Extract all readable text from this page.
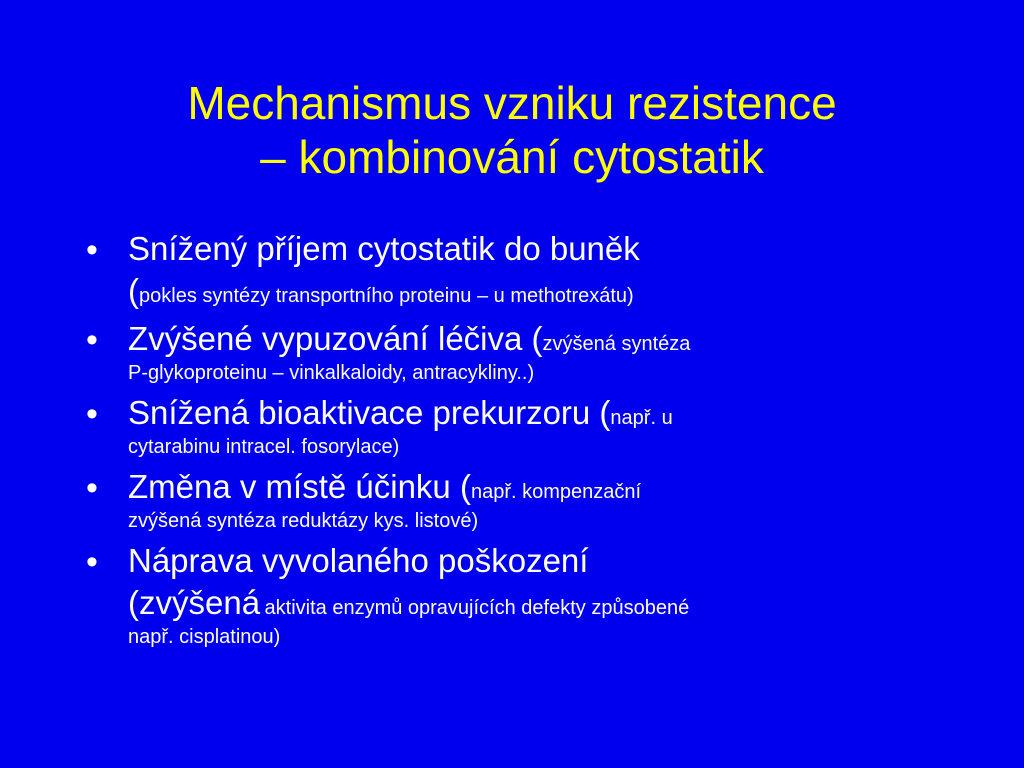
Mechanismus vzniku rezistence
– kombinování cytostatik
• Snížený příjem cytostatik do buněk
(pokles syntézy transportního proteinu – u methotrexátu)
• Zvýšené vypuzování léčiva (zvýšená syntéza
P-glykoproteinu – vinkalkaloidy, antracykliny..)
• Snížená bioaktivace prekurzoru (např. u
cytarabinu intracel. fosorylace)
• Změna v místě účinku (např. kompenzační
zvýšená syntéza reduktázy kys. listové)
• Náprava vyvolaného poškození
(zvýšená aktivita enzymů opravujících defekty způsobené
např. cisplatinou)
